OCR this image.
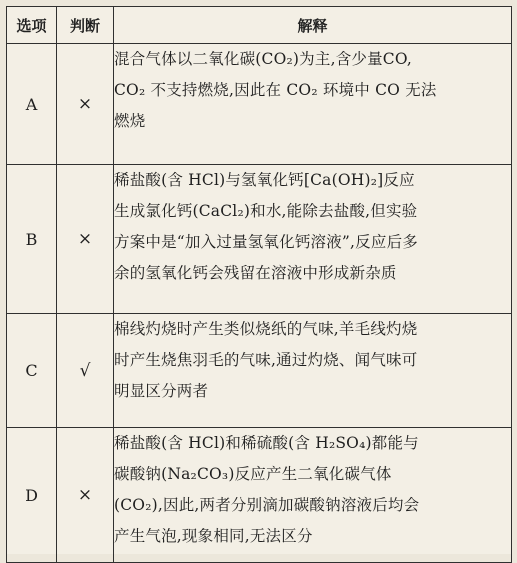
选项	判断	解释
A	×	混合气体以二氧化碳(CO₂)为主,含少量CO,
CO₂ 不支持燃烧,因此在 CO₂ 环境中 CO 无法
燃烧

B	×	稀盐酸(含 HCl)与氢氧化钙[Ca(OH)₂]反应
生成氯化钙(CaCl₂)和水,能除去盐酸,但实验
方案中是“加入过量氢氧化钙溶液”,反应后多
余的氢氧化钙会残留在溶液中形成新杂质

C	√	棉线灼烧时产生类似烧纸的气味,羊毛线灼烧
时产生烧焦羽毛的气味,通过灼烧、闻气味可
明显区分两者

D	×	稀盐酸(含 HCl)和稀硫酸(含 H₂SO₄)都能与
碳酸钠(Na₂CO₃)反应产生二氧化碳气体
(CO₂),因此,两者分别滴加碳酸钠溶液后均会
产生气泡,现象相同,无法区分
